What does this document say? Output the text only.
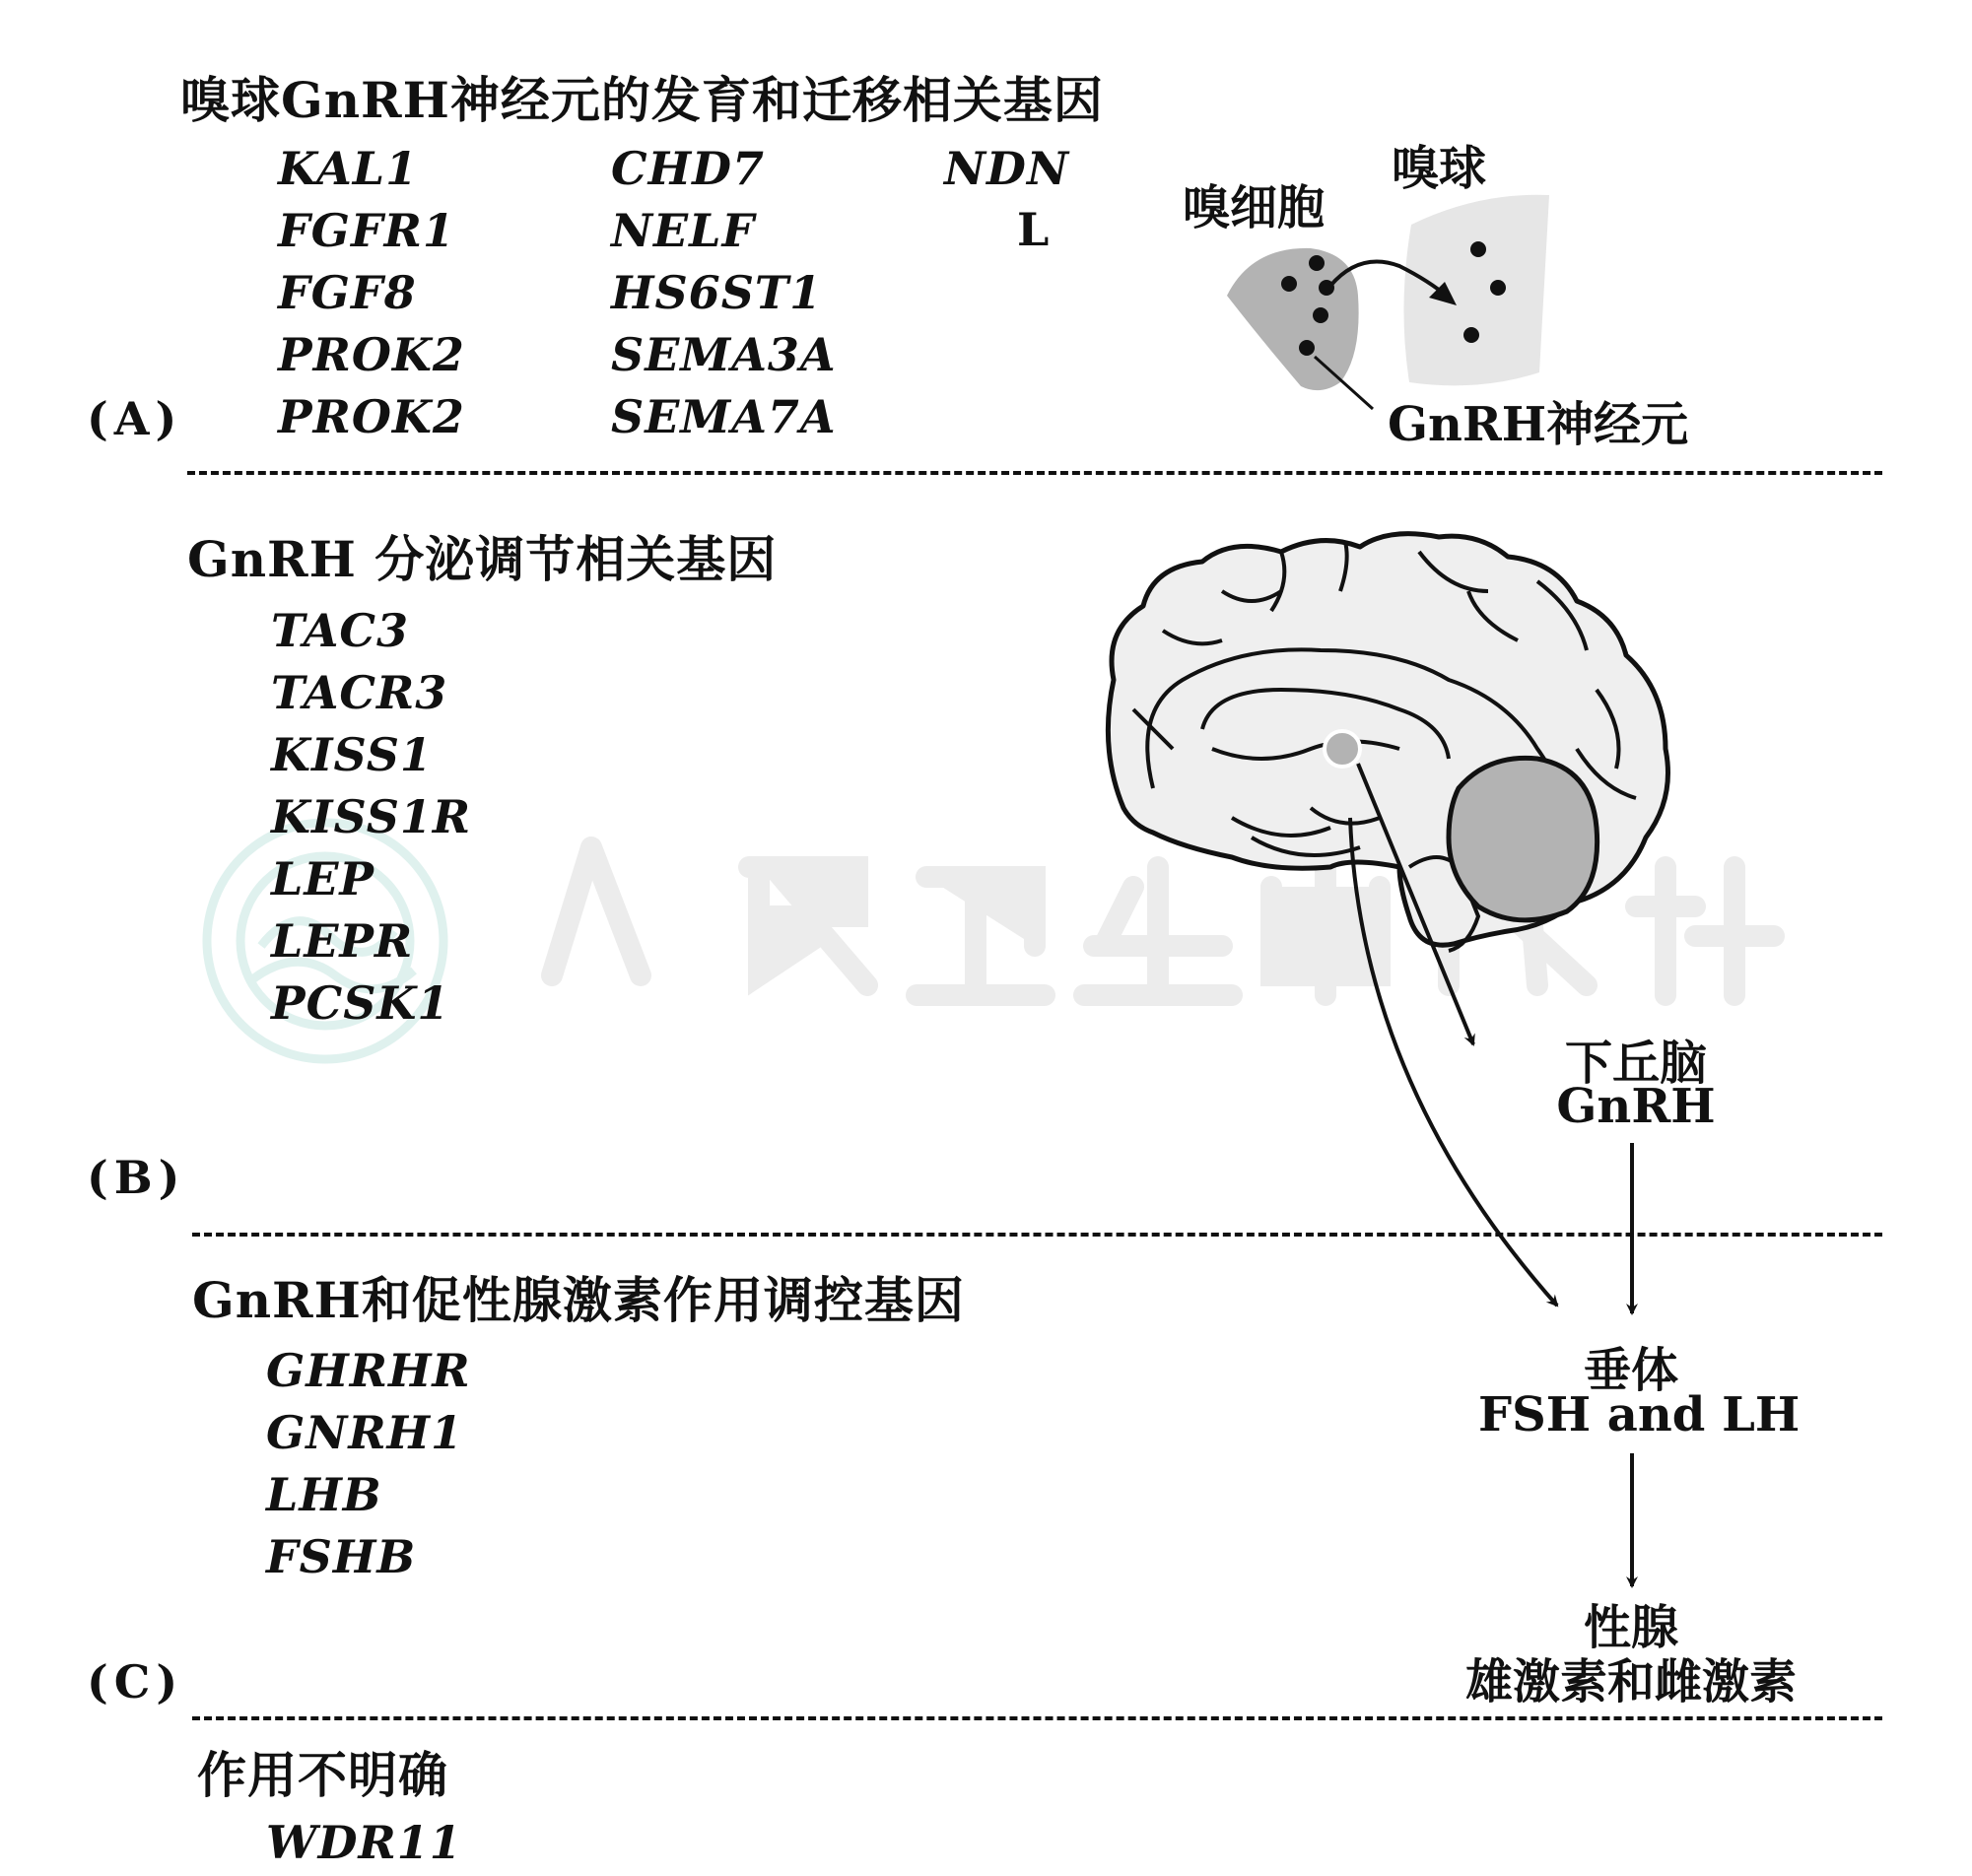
嗅球GnRH神经元的发育和迁移相关基因
KAL1
FGFR1
FGF8
PROK2
PROK2
CHD7
NELF
HS6ST1
SEMA3A
SEMA7A
NDN
L
(A)
嗅细胞
嗅球
GnRH神经元
GnRH 分泌调节相关基因
TAC3
TACR3
KISS1
KISS1R
LEP
LEPR
PCSK1
(B)
下丘脑
GnRH
GnRH和促性腺激素作用调控基因
GHRHR
GNRH1
LHB
FSHB
(C)
垂体
FSH and LH
性腺
雄激素和雌激素
作用不明确
WDR11
